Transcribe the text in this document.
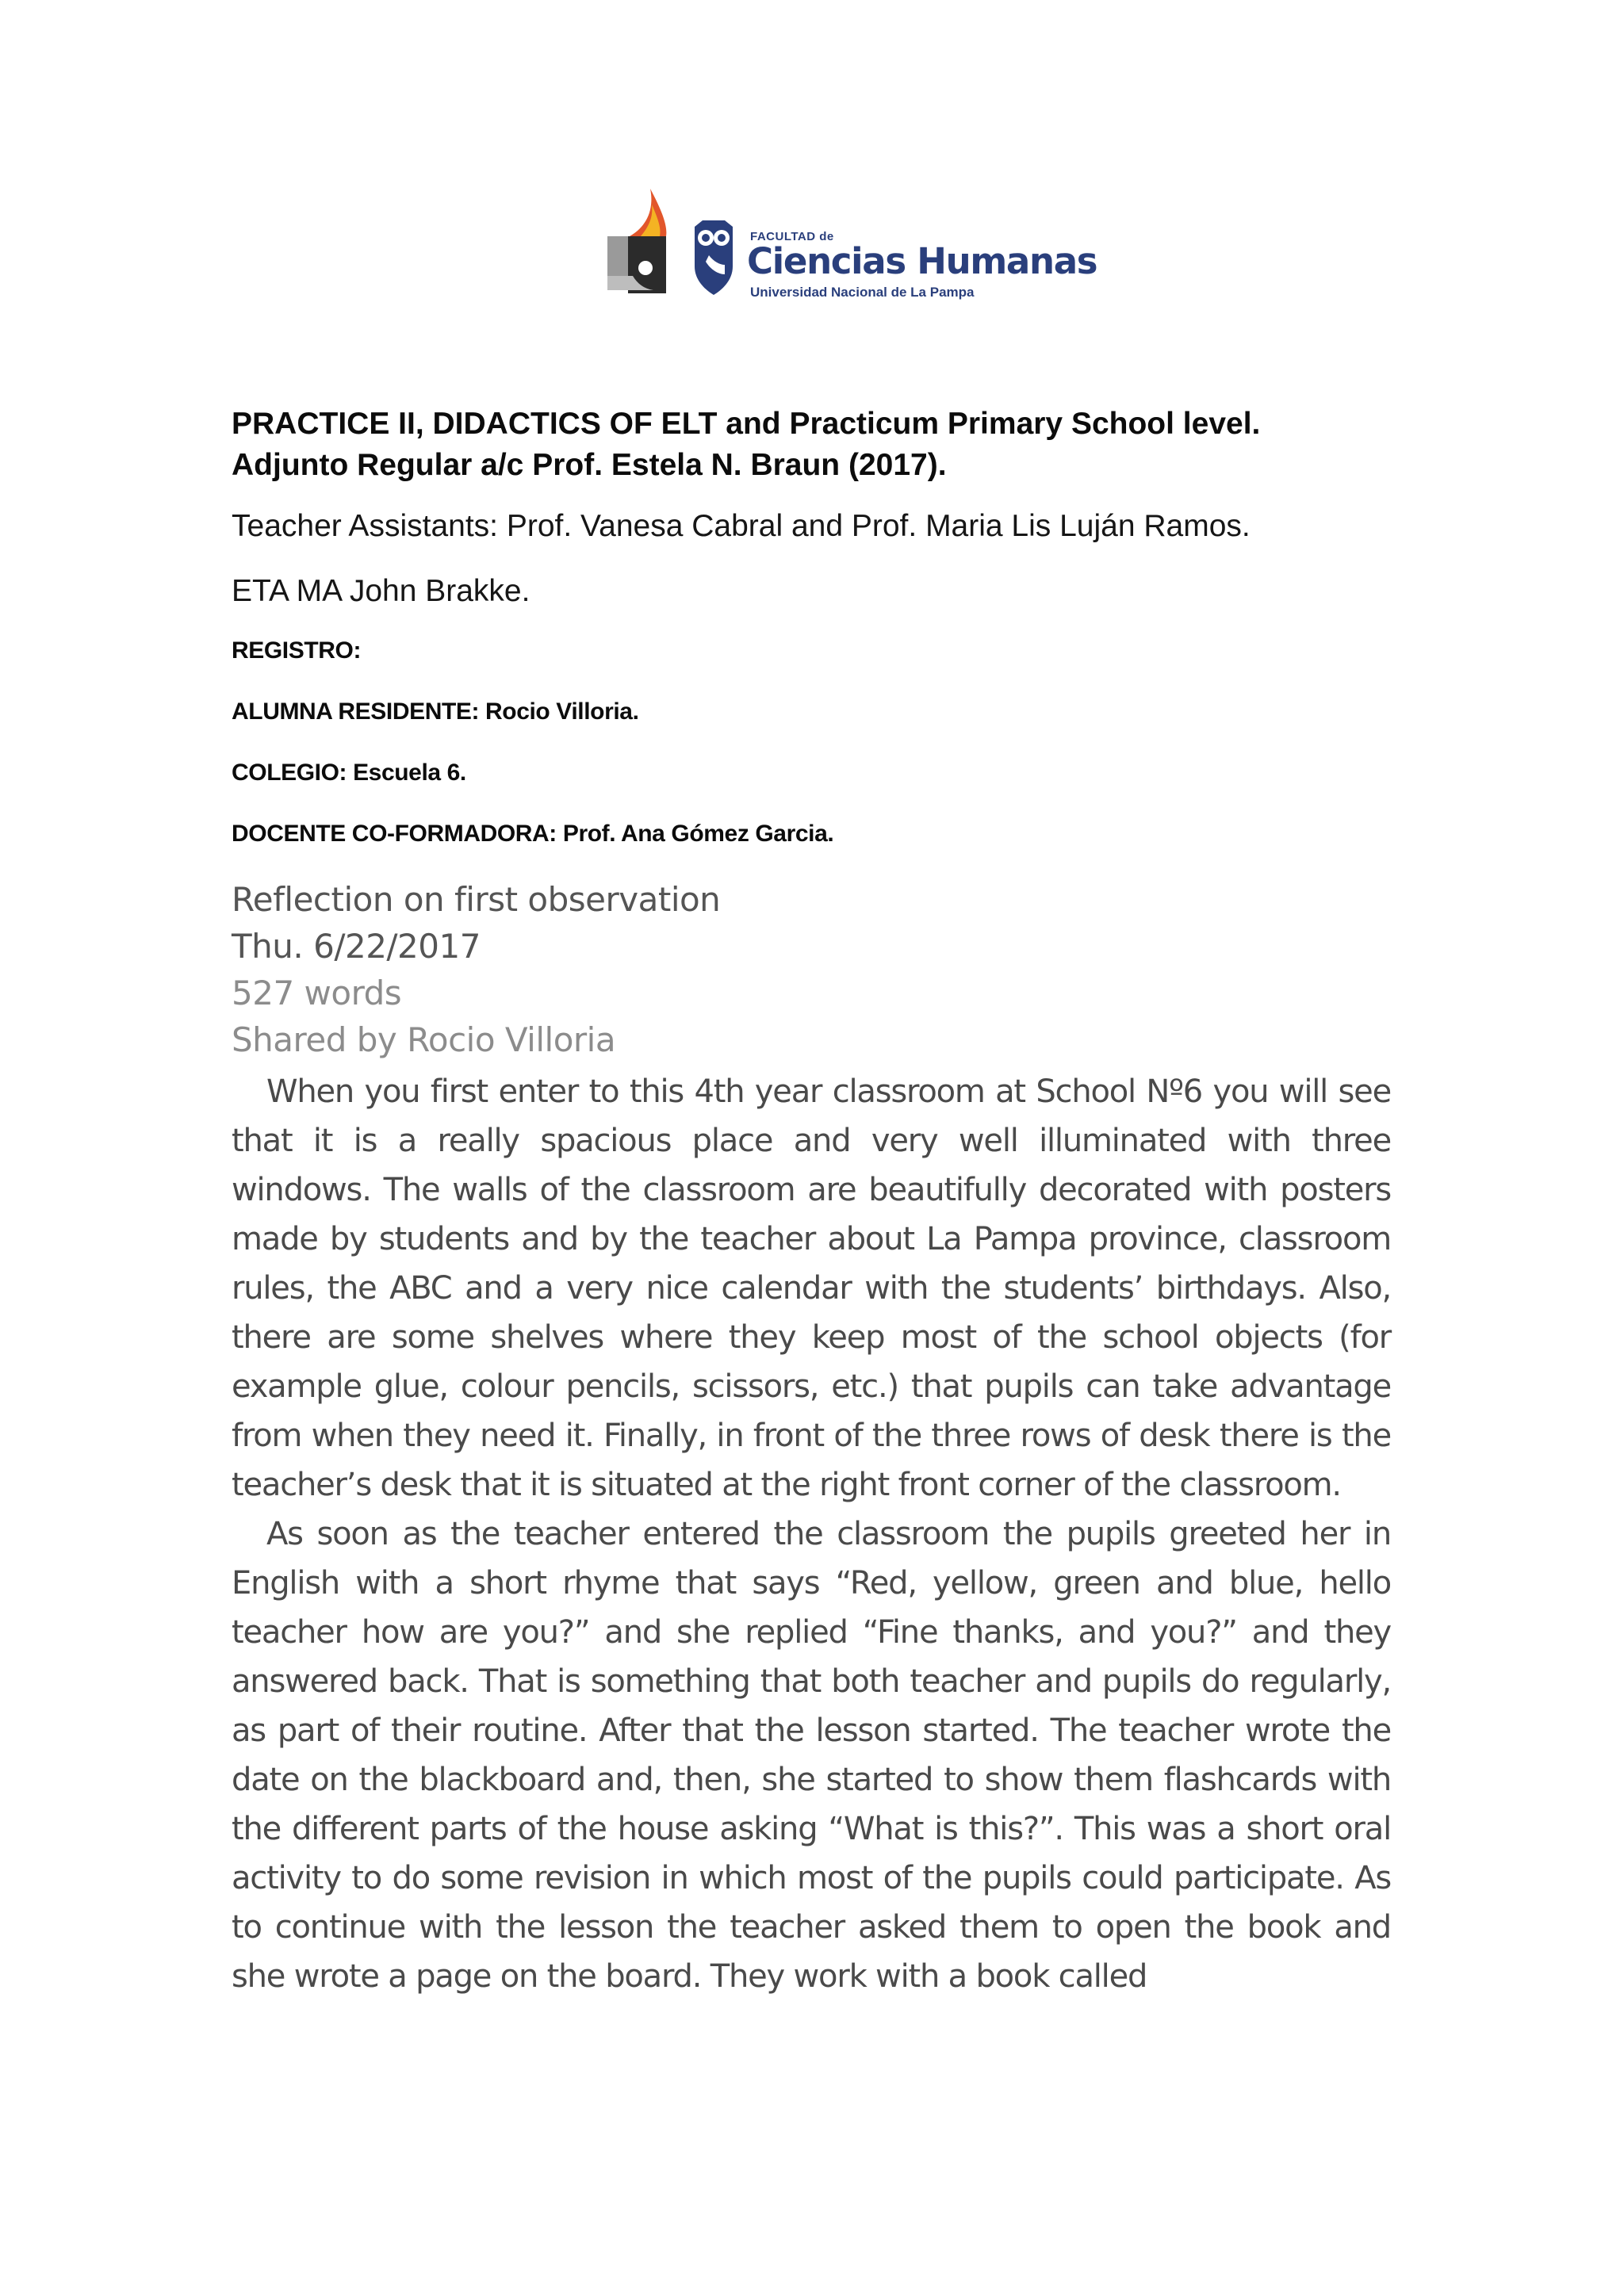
FACULTAD de
Ciencias Humanas
Universidad Nacional de La Pampa
PRACTICE II, DIDACTICS OF ELT and Practicum Primary School level.
Adjunto Regular a/c Prof. Estela N. Braun (2017).
Teacher Assistants: Prof. Vanesa Cabral and Prof. Maria Lis Luján Ramos.
ETA MA John Brakke.
REGISTRO:
ALUMNA RESIDENTE: Rocio Villoria.
COLEGIO: Escuela 6.
DOCENTE CO-FORMADORA: Prof. Ana Gómez Garcia.
Reflection on first observation
Thu. 6/22/2017
527 words
Shared by Rocio Villoria

When you first enter to this 4th year classroom at School Nº6 you will see that it is a really spacious place and very well illuminated with three windows. The walls of the classroom are beautifully decorated with posters made by students and by the teacher about La Pampa province, classroom rules, the ABC and a very nice calendar with the students’ birthdays. Also, there are some shelves where they keep most of the school objects (for example glue, colour pencils, scissors, etc.) that pupils can take advantage from when they need it. Finally, in front of the three rows of desk there is the teacher’s desk that it is situated at the right front corner of the classroom.

As soon as the teacher entered the classroom the pupils greeted her in English with a short rhyme that says “Red, yellow, green and blue, hello teacher how are you?” and she replied “Fine thanks, and you?” and they answered back. That is something that both teacher and pupils do regularly, as part of their routine. After that the lesson started. The teacher wrote the date on the blackboard and, then, she started to show them flashcards with the different parts of the house asking “What is this?”. This was a short oral activity to do some revision in which most of the pupils could participate. As to continue with the lesson the teacher asked them to open the book and she wrote a page on the board. They work with a book called
